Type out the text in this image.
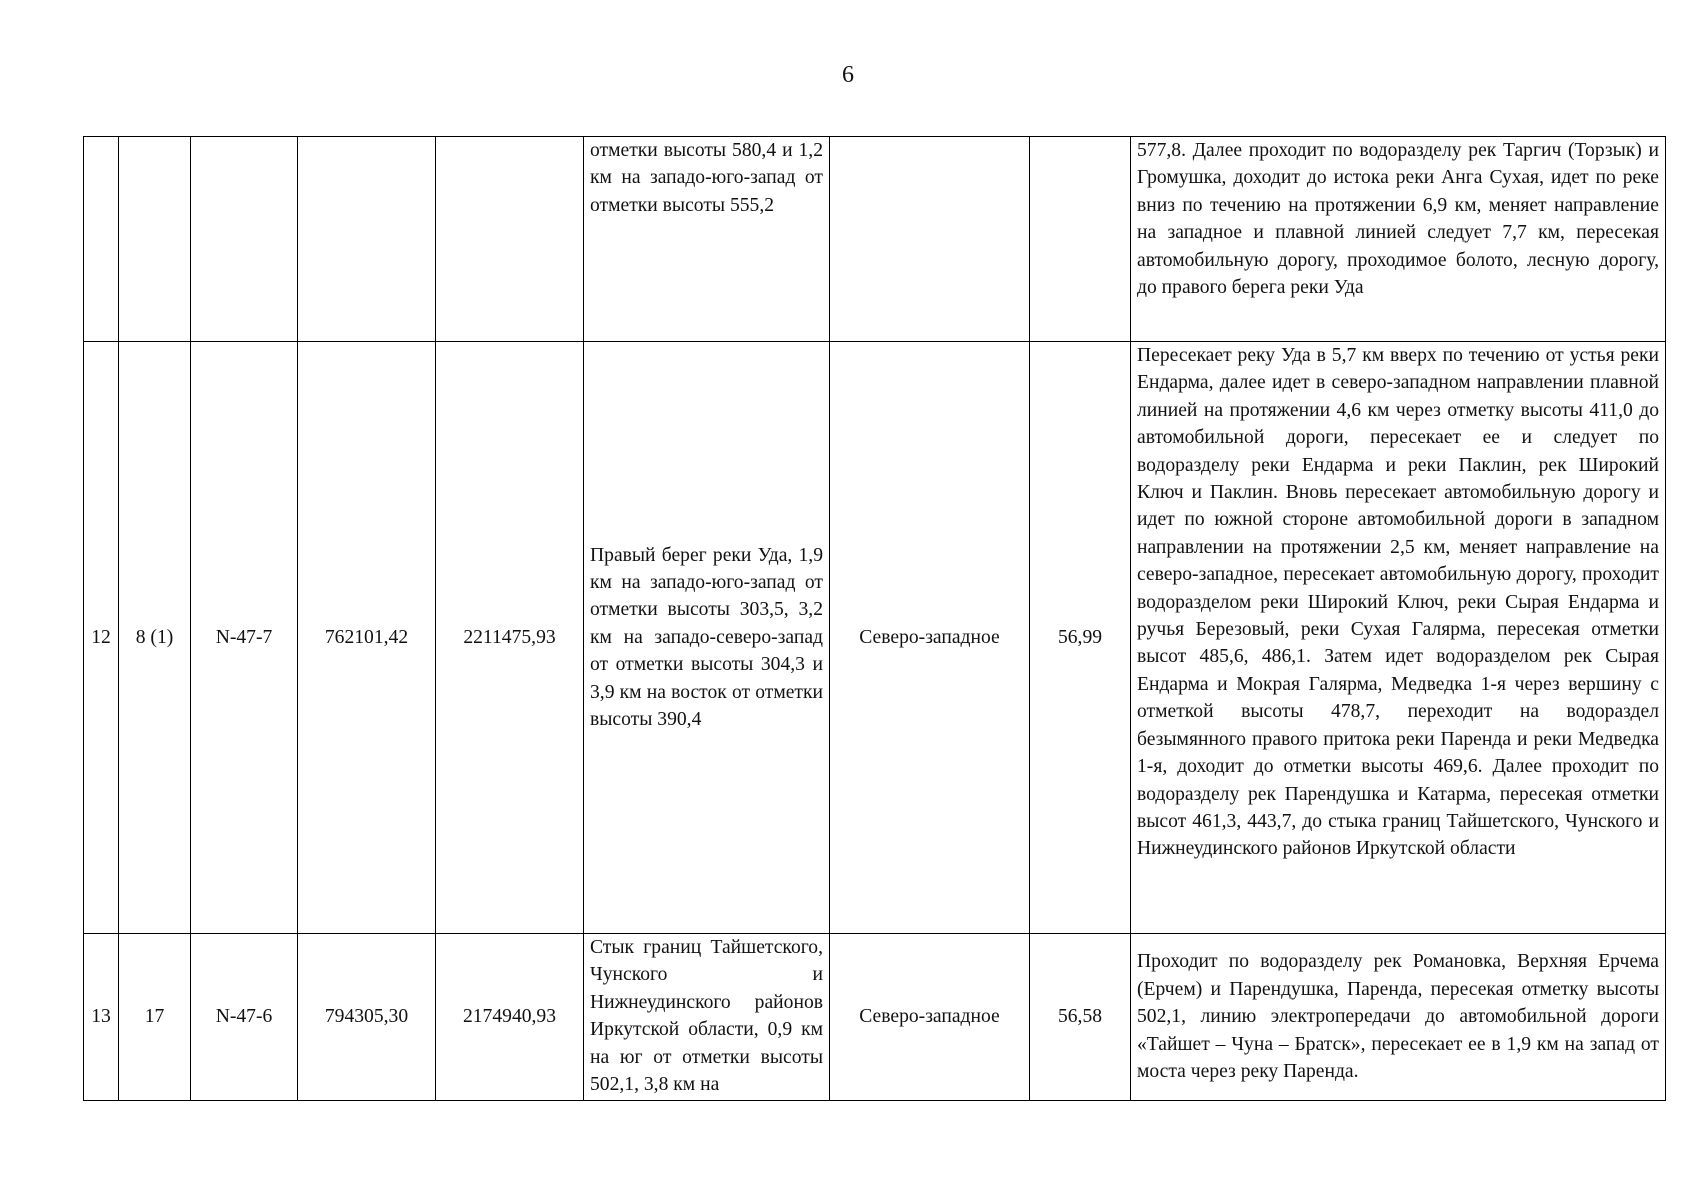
6
					отметки высоты 580,4 и 1,2 км на западо-юго-запад от отметки высоты 555,2			577,8. Далее проходит по водоразделу рек Таргич (Торзык) и Громушка, доходит до истока реки Анга Сухая, идет по реке вниз по течению на протяжении 6,9 км, меняет направление на западное и плавной линией следует 7,7 км, пересекая автомобильную дорогу, проходимое болото, лесную дорогу, до правого берега реки Уда
12	8 (1)	N-47-7	762101,42	2211475,93	Правый берег реки Уда, 1,9 км на западо-юго-запад от отметки высоты 303,5, 3,2 км на западо-северо-запад от отметки высоты 304,3 и 3,9 км на восток от отметки высоты 390,4	Северо-западное	56,99	Пересекает реку Уда в 5,7 км вверх по течению от устья реки Ендарма, далее идет в северо-западном направлении плавной линией на протяжении 4,6 км через отметку высоты 411,0 до автомобильной дороги, пересекает ее и следует по водоразделу реки Ендарма и реки Паклин, рек Широкий Ключ и Паклин. Вновь пересекает автомобильную дорогу и идет по южной стороне автомобильной дороги в западном направлении на протяжении 2,5 км, меняет направление на северо-западное, пересекает автомобильную дорогу, проходит водоразделом реки Широкий Ключ, реки Сырая Ендарма и ручья Березовый, реки Сухая Галярма, пересекая отметки высот 485,6, 486,1. Затем идет водоразделом рек Сырая Ендарма и Мокрая Галярма, Медведка 1-я через вершину с отметкой высоты 478,7, переходит на водораздел безымянного правого притока реки Паренда и реки Медведка 1-я, доходит до отметки высоты 469,6. Далее проходит по водоразделу рек Парендушка и Катарма, пересекая отметки высот 461,3, 443,7, до стыка границ Тайшетского, Чунского и Нижнеудинского районов Иркутской области
13	17	N-47-6	794305,30	2174940,93	Стык границ Тайшетского, Чунского и Нижнеудинского районов Иркутской области, 0,9 км на юг от отметки высоты 502,1, 3,8 км на	Северо-западное	56,58	Проходит по водоразделу рек Романовка, Верхняя Ерчема (Ерчем) и Парендушка, Паренда, пересекая отметку высоты 502,1, линию электропередачи до автомобильной дороги «Тайшет – Чуна – Братск», пересекает ее в 1,9 км на запад от моста через реку Паренда.
